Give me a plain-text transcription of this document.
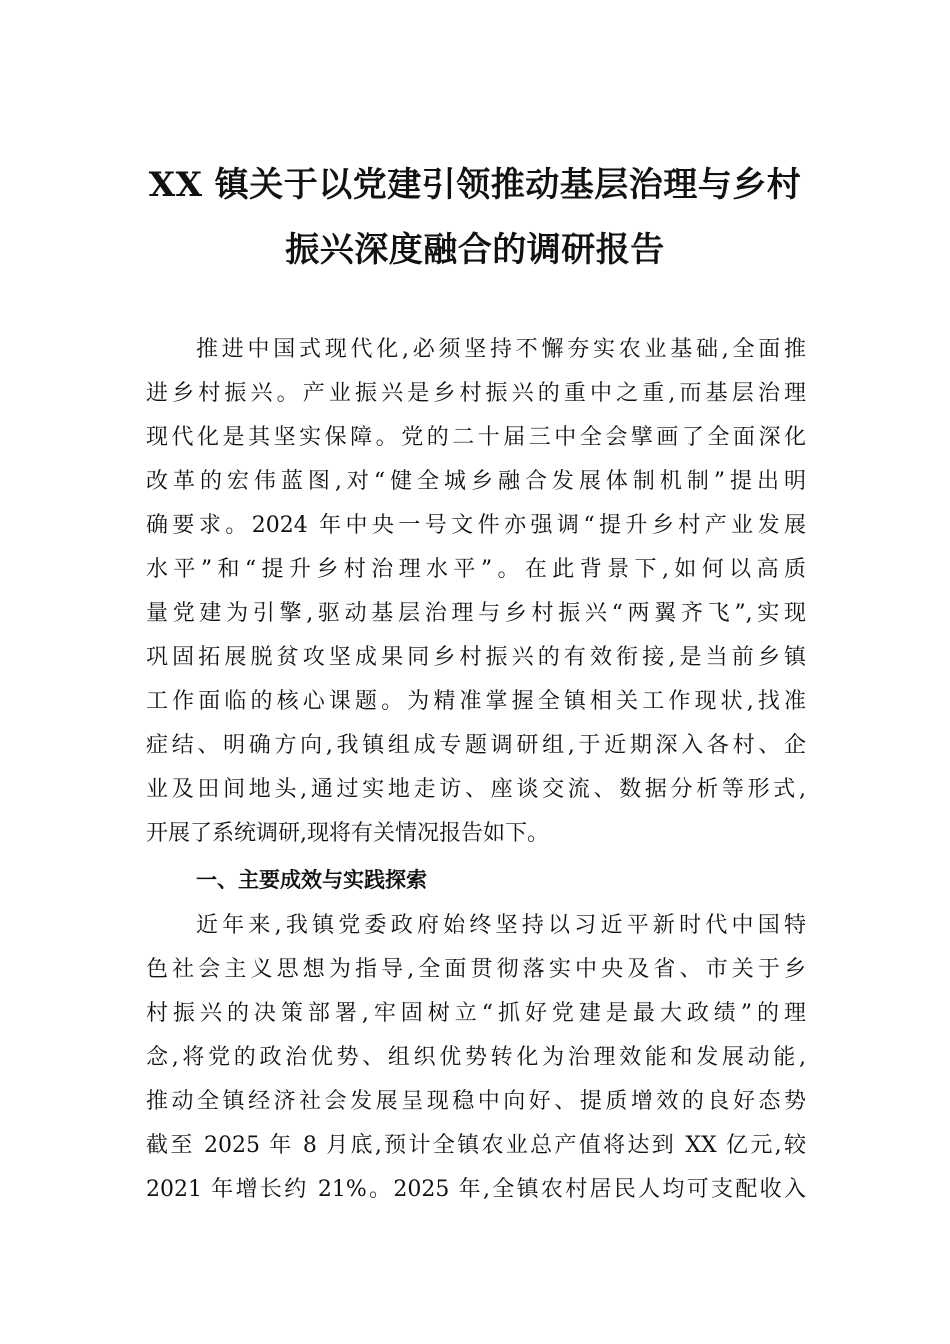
XX 镇关于以党建引领推动基层治理与乡村
振兴深度融合的调研报告
推进中国式现代化,必须坚持不懈夯实农业基础,全面推
进乡村振兴。产业振兴是乡村振兴的重中之重,而基层治理
现代化是其坚实保障。党的二十届三中全会擘画了全面深化
改革的宏伟蓝图,对“健全城乡融合发展体制机制”提出明
确要求。2024 年中央一号文件亦强调“提升乡村产业发展
水平”和“提升乡村治理水平”。在此背景下,如何以高质
量党建为引擎,驱动基层治理与乡村振兴“两翼齐飞”,实现
巩固拓展脱贫攻坚成果同乡村振兴的有效衔接,是当前乡镇
工作面临的核心课题。为精准掌握全镇相关工作现状,找准
症结、明确方向,我镇组成专题调研组,于近期深入各村、企
业及田间地头,通过实地走访、座谈交流、数据分析等形式,
开展了系统调研,现将有关情况报告如下。
一、主要成效与实践探索
近年来,我镇党委政府始终坚持以习近平新时代中国特
色社会主义思想为指导,全面贯彻落实中央及省、市关于乡
村振兴的决策部署,牢固树立“抓好党建是最大政绩”的理
念,将党的政治优势、组织优势转化为治理效能和发展动能,
推动全镇经济社会发展呈现稳中向好、提质增效的良好态势
截至 2025 年 8 月底,预计全镇农业总产值将达到 XX 亿元,较
2021 年增长约 21%。2025 年,全镇农村居民人均可支配收入
